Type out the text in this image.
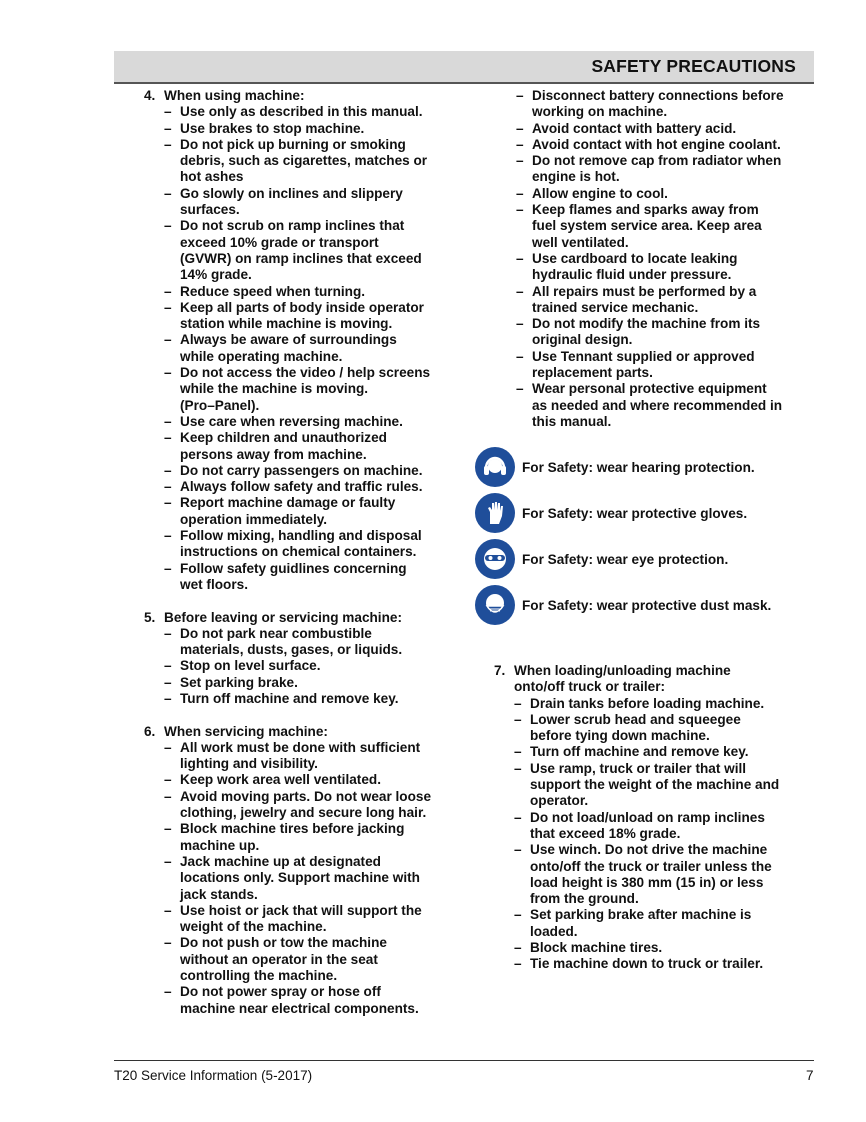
SAFETY PRECAUTIONS
4. When using machine:
– Use only as described in this manual.
– Use brakes to stop machine.
– Do not pick up burning or smoking
debris, such as cigarettes, matches or
hot ashes
– Go slowly on inclines and slippery
surfaces.
– Do not scrub on ramp inclines that
exceed 10% grade or transport
(GVWR) on ramp inclines that exceed
14% grade.
– Reduce speed when turning.
– Keep all parts of body inside operator
station while machine is moving.
– Always be aware of surroundings
while operating machine.
– Do not access the video / help screens
while the machine is moving.
(Pro–Panel).
– Use care when reversing machine.
– Keep children and unauthorized
persons away from machine.
– Do not carry passengers on machine.
– Always follow safety and traffic rules.
– Report machine damage or faulty
operation immediately.
– Follow mixing, handling and disposal
instructions on chemical containers.
– Follow safety guidlines concerning
wet floors.
5. Before leaving or servicing machine:
– Do not park near combustible
materials, dusts, gases, or liquids.
– Stop on level surface.
– Set parking brake.
– Turn off machine and remove key.
6. When servicing machine:
– All work must be done with sufficient
lighting and visibility.
– Keep work area well ventilated.
– Avoid moving parts. Do not wear loose
clothing, jewelry and secure long hair.
– Block machine tires before jacking
machine up.
– Jack machine up at designated
locations only. Support machine with
jack stands.
– Use hoist or jack that will support the
weight of the machine.
– Do not push or tow the machine
without an operator in the seat
controlling the machine.
– Do not power spray or hose off
machine near electrical components.
– Disconnect battery connections before
working on machine.
– Avoid contact with battery acid.
– Avoid contact with hot engine coolant.
– Do not remove cap from radiator when
engine is hot.
– Allow engine to cool.
– Keep flames and sparks away from
fuel system service area. Keep area
well ventilated.
– Use cardboard to locate leaking
hydraulic fluid under pressure.
– All repairs must be performed by a
trained service mechanic.
– Do not modify the machine from its
original design.
– Use Tennant supplied or approved
replacement parts.
– Wear personal protective equipment
as needed and where recommended in
this manual.
For Safety: wear hearing protection.
For Safety: wear protective gloves.
For Safety: wear eye protection.
For Safety: wear protective dust mask.
7. When loading/unloading machine
onto/off truck or trailer:
– Drain tanks before loading machine.
– Lower scrub head and squeegee
before tying down machine.
– Turn off machine and remove key.
– Use ramp, truck or trailer that will
support the weight of the machine and
operator.
– Do not load/unload on ramp inclines
that exceed 18% grade.
– Use winch. Do not drive the machine
onto/off the truck or trailer unless the
load height is 380 mm (15 in) or less
from the ground.
– Set parking brake after machine is
loaded.
– Block machine tires.
– Tie machine down to truck or trailer.
T20 Service Information (5-2017)	7
